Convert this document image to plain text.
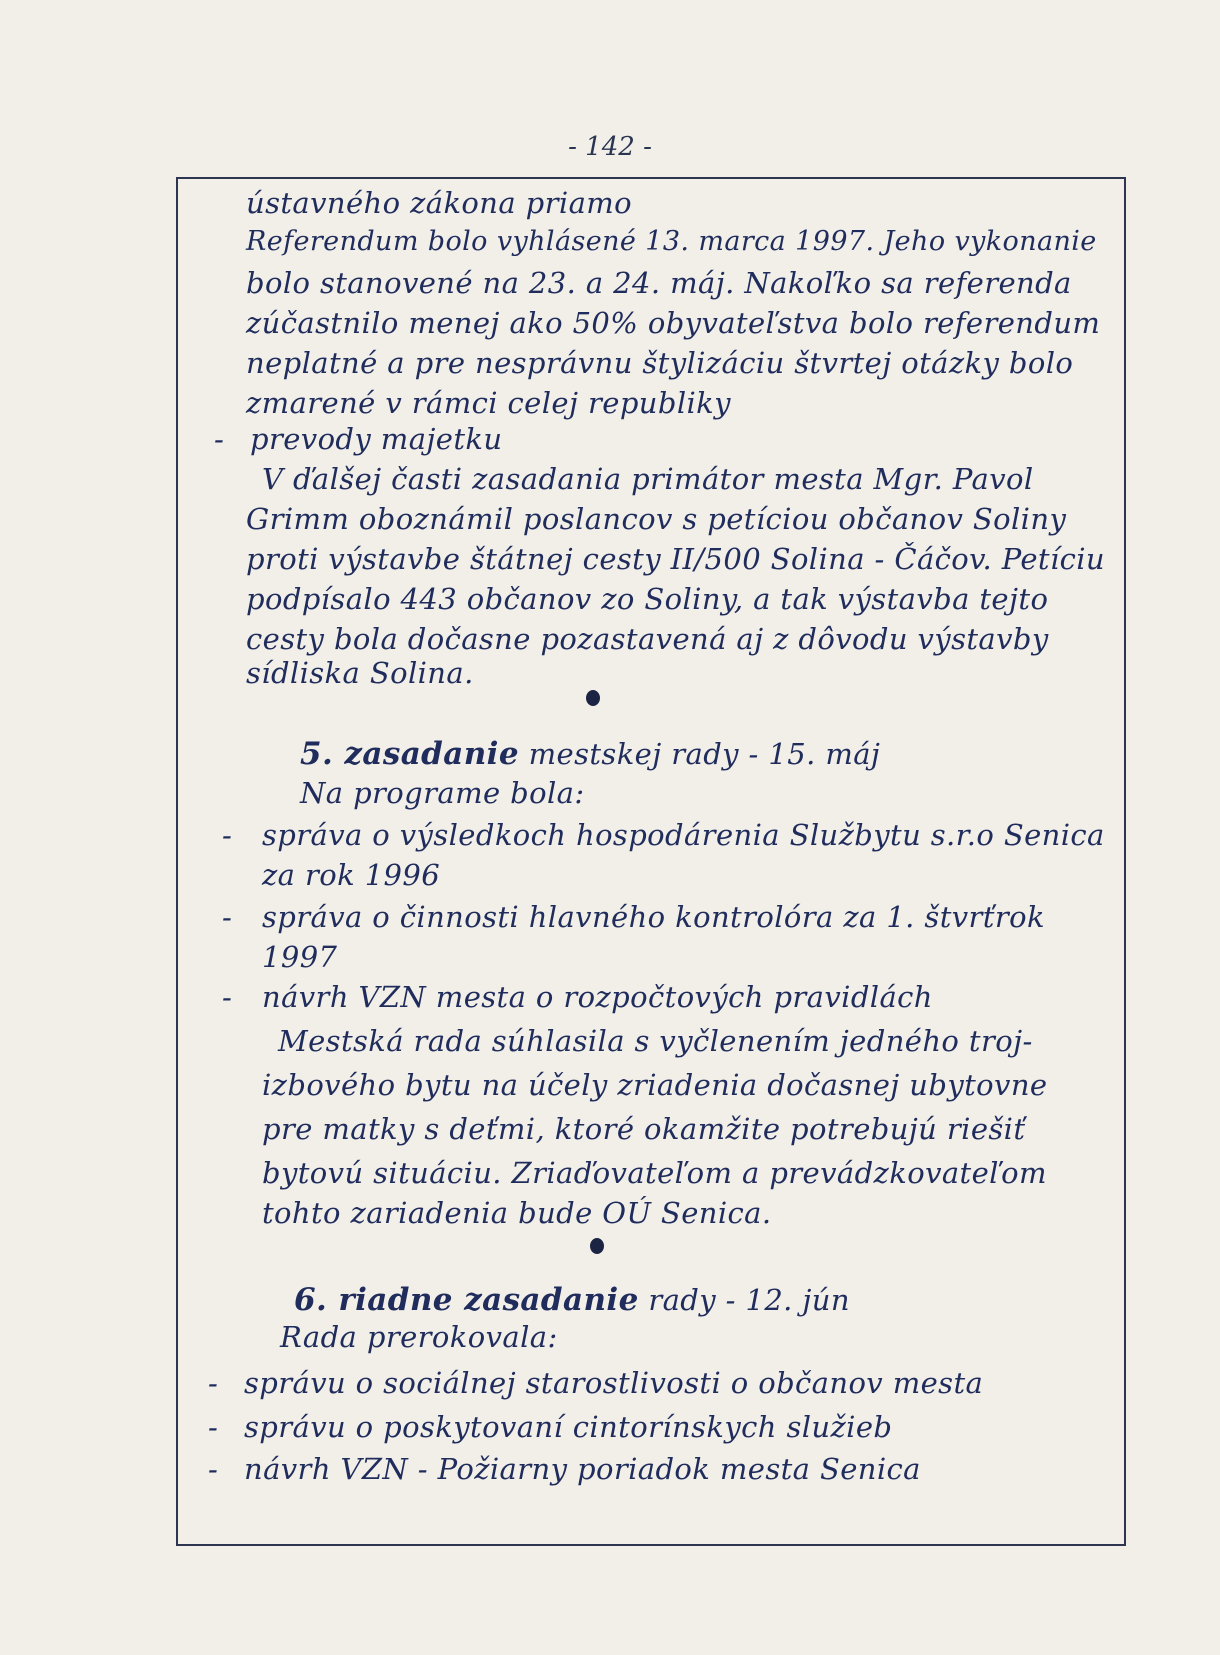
- 142 -
ústavného zákona priamo
Referendum bolo vyhlásené 13. marca 1997. Jeho vykonanie
bolo stanovené na 23. a 24. máj. Nakoľko sa referenda
zúčastnilo menej ako 50% obyvateľstva bolo referendum
neplatné a pre nesprávnu štylizáciu štvrtej otázky bolo
zmarené v rámci celej republiky
- prevody majetku
V ďalšej časti zasadania primátor mesta Mgr. Pavol
Grimm oboznámil poslancov s petíciou občanov Soliny
proti výstavbe štátnej cesty II/500 Solina - Čáčov. Petíciu
podpísalo 443 občanov zo Soliny, a tak výstavba tejto
cesty bola dočasne pozastavená aj z dôvodu výstavby
sídliska Solina.
5. zasadanie mestskej rady - 15. máj
Na programe bola:
- správa o výsledkoch hospodárenia Službytu s.r.o Senica
za rok 1996
- správa o činnosti hlavného kontrolóra za 1. štvrťrok
1997
- návrh VZN mesta o rozpočtových pravidlách
Mestská rada súhlasila s vyčlenením jedného troj-
izbového bytu na účely zriadenia dočasnej ubytovne
pre matky s deťmi, ktoré okamžite potrebujú riešiť
bytovú situáciu. Zriaďovateľom a prevádzkovateľom
tohto zariadenia bude OÚ Senica.
6. riadne zasadanie rady - 12. jún
Rada prerokovala:
- správu o sociálnej starostlivosti o občanov mesta
- správu o poskytovaní cintorínskych služieb
- návrh VZN - Požiarny poriadok mesta Senica
